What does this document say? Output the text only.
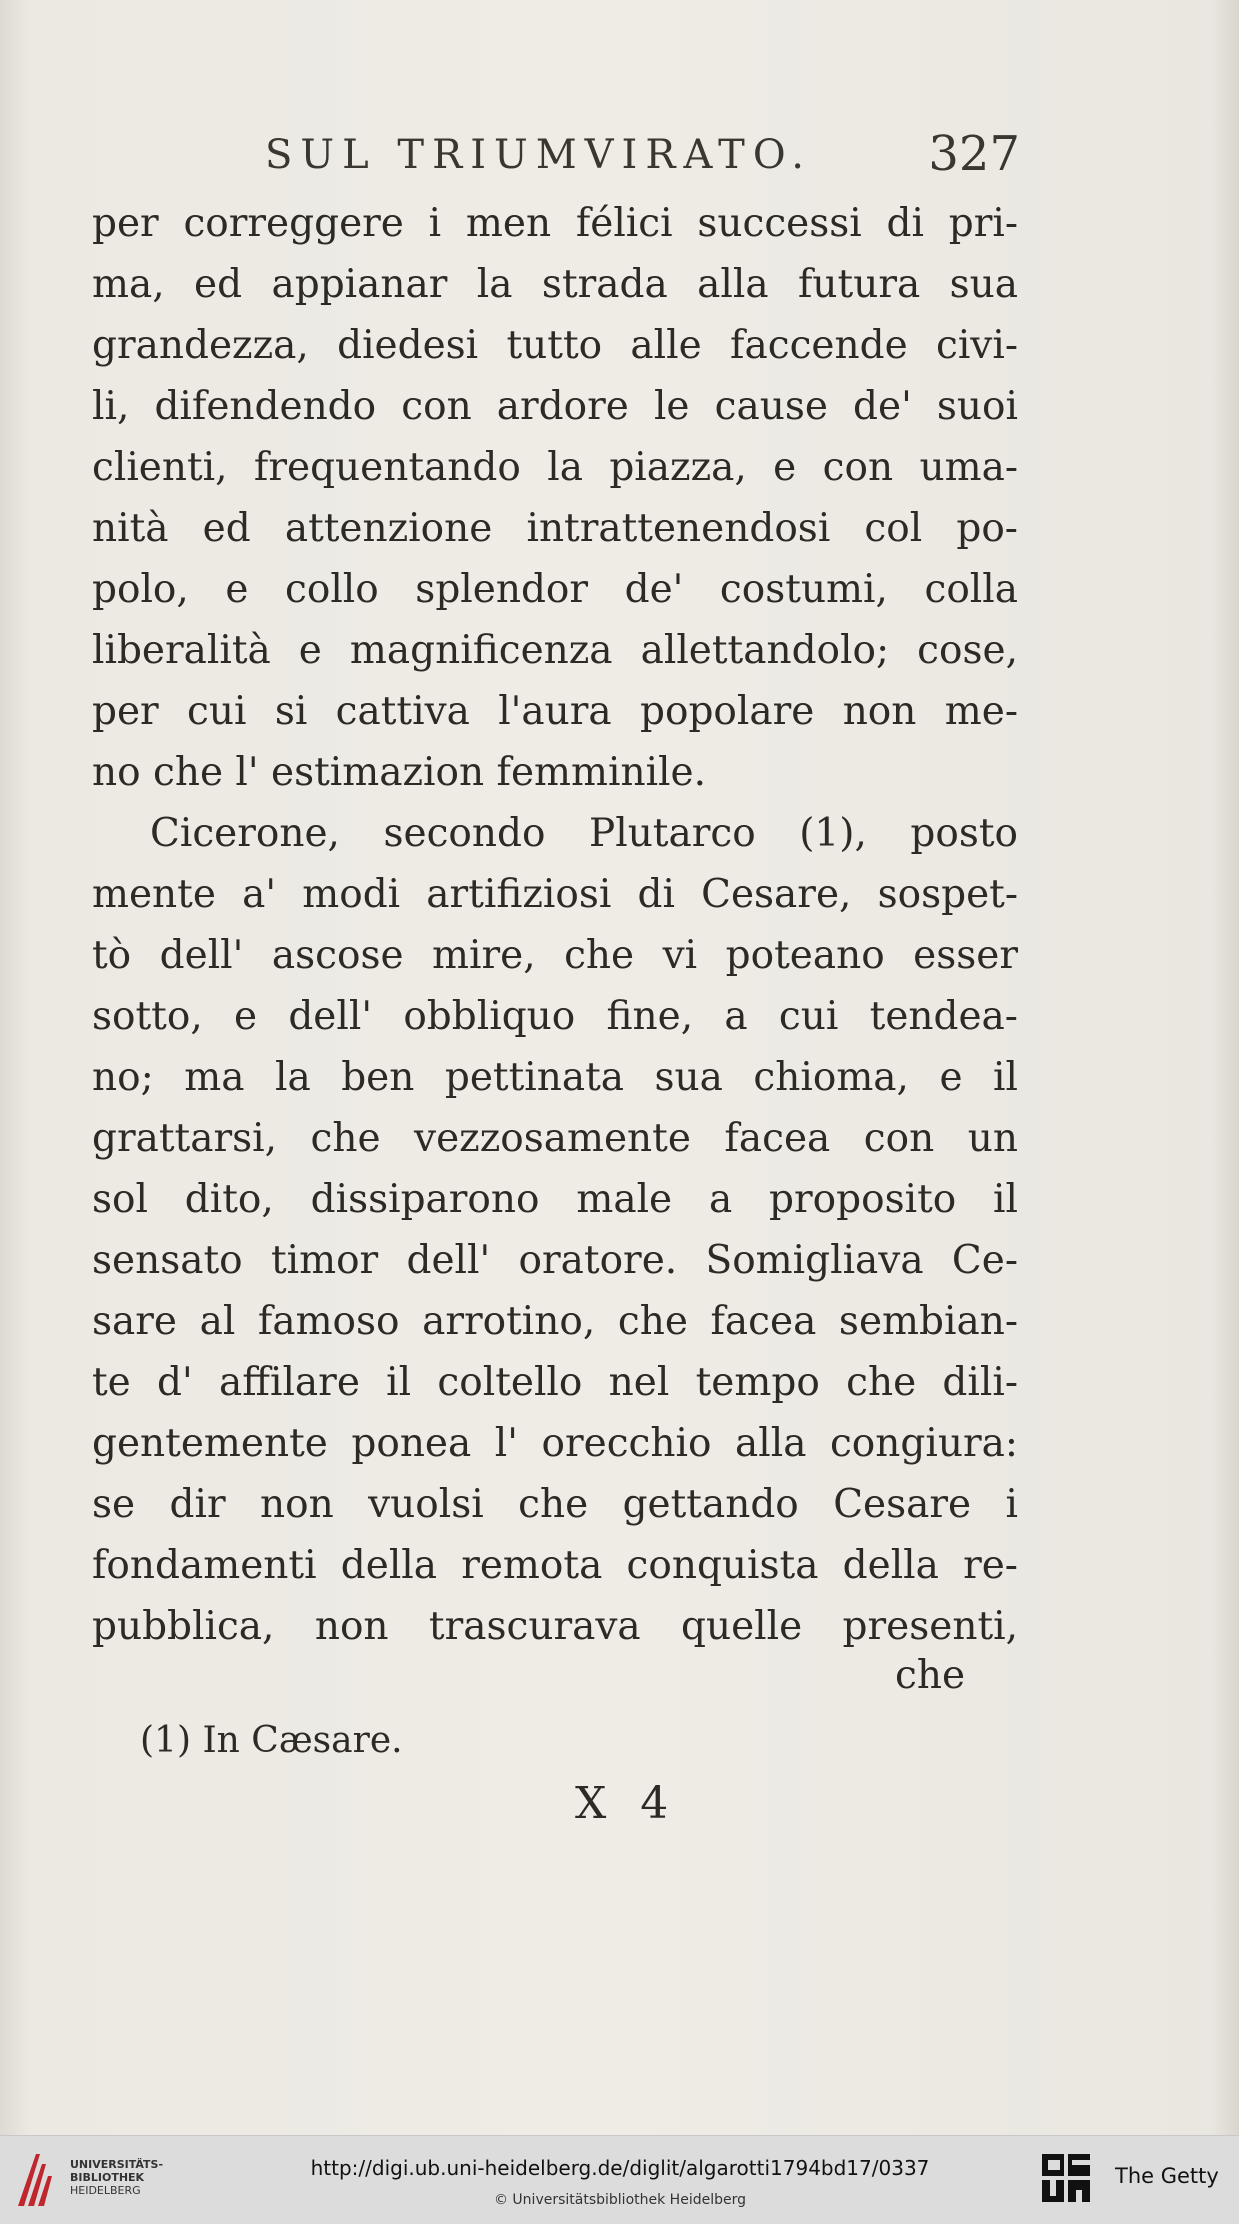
SUL TRIUMVIRATO. 327
per correggere i men félici successi di pri-
ma, ed appianar la strada alla futura sua
grandezza, diedesi tutto alle faccende civi-
li, difendendo con ardore le cause de' suoi
clienti, frequentando la piazza, e con uma-
nità ed attenzione intrattenendosi col po-
polo, e collo splendor de' costumi, colla
liberalità e magnificenza allettandolo; cose,
per cui si cattiva l'aura popolare non me-
no che l' estimazion femminile.
Cicerone, secondo Plutarco (1), posto
mente a' modi artifiziosi di Cesare, sospet-
tò dell' ascose mire, che vi poteano esser
sotto, e dell' obbliquo fine, a cui tendea-
no; ma la ben pettinata sua chioma, e il
grattarsi, che vezzosamente facea con un
sol dito, dissiparono male a proposito il
sensato timor dell' oratore. Somigliava Ce-
sare al famoso arrotino, che facea sembian-
te d' affilare il coltello nel tempo che dili-
gentemente ponea l' orecchio alla congiura:
se dir non vuolsi che gettando Cesare i
fondamenti della remota conquista della re-
pubblica, non trascurava quelle presenti,
che
(1) In Cæsare.
X 4
UNIVERSITÄTS-
BIBLIOTHEK
HEIDELBERG
http://digi.ub.uni-heidelberg.de/diglit/algarotti1794bd17/0337
© Universitätsbibliothek Heidelberg
The Getty
